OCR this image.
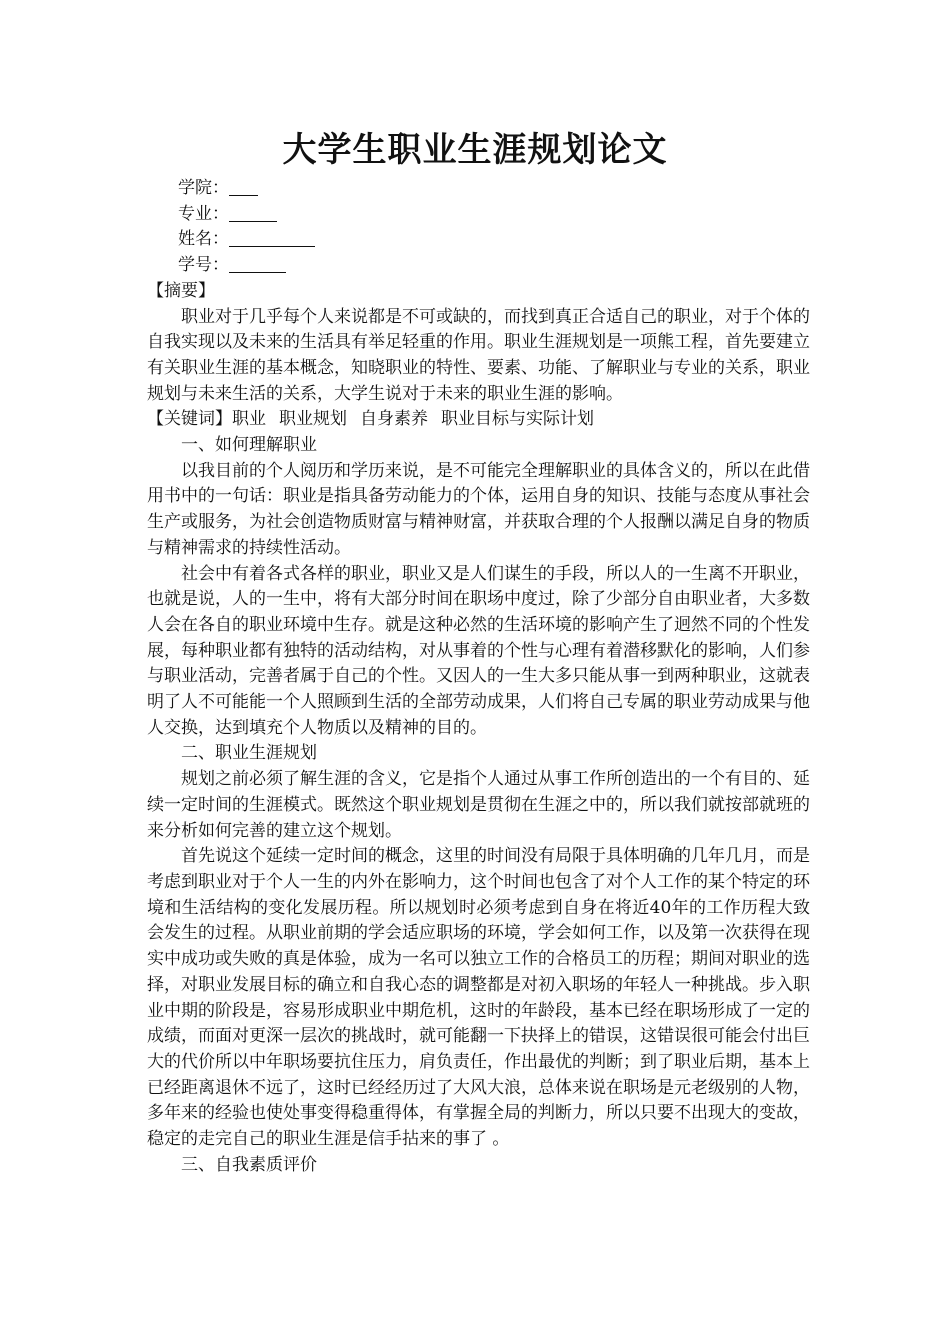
大学生职业生涯规划论文
学院：
专业：
姓名：
学号：
【摘要】
职业对于几乎每个人来说都是不可或缺的，而找到真正合适自己的职业，对于个体的自我实现以及未来的生活具有举足轻重的作用。职业生涯规划是一项熊工程，首先要建立有关职业生涯的基本概念，知晓职业的特性、要素、功能、了解职业与专业的关系，职业规划与未来生活的关系，大学生说对于未来的职业生涯的影响。
【关键词】职业 职业规划 自身素养 职业目标与实际计划
一、如何理解职业
以我目前的个人阅历和学历来说，是不可能完全理解职业的具体含义的，所以在此借用书中的一句话：职业是指具备劳动能力的个体，运用自身的知识、技能与态度从事社会生产或服务，为社会创造物质财富与精神财富，并获取合理的个人报酬以满足自身的物质与精神需求的持续性活动。
社会中有着各式各样的职业，职业又是人们谋生的手段，所以人的一生离不开职业，也就是说，人的一生中，将有大部分时间在职场中度过，除了少部分自由职业者，大多数人会在各自的职业环境中生存。就是这种必然的生活环境的影响产生了迥然不同的个性发展，每种职业都有独特的活动结构，对从事着的个性与心理有着潜移默化的影响，人们参与职业活动，完善者属于自己的个性。又因人的一生大多只能从事一到两种职业，这就表明了人不可能能一个人照顾到生活的全部劳动成果，人们将自己专属的职业劳动成果与他人交换，达到填充个人物质以及精神的目的。
二、职业生涯规划
规划之前必须了解生涯的含义，它是指个人通过从事工作所创造出的一个有目的、延续一定时间的生涯模式。既然这个职业规划是贯彻在生涯之中的，所以我们就按部就班的来分析如何完善的建立这个规划。
首先说这个延续一定时间的概念，这里的时间没有局限于具体明确的几年几月，而是考虑到职业对于个人一生的内外在影响力，这个时间也包含了对个人工作的某个特定的环境和生活结构的变化发展历程。所以规划时必须考虑到自身在将近40年的工作历程大致会发生的过程。从职业前期的学会适应职场的环境，学会如何工作，以及第一次获得在现实中成功或失败的真是体验，成为一名可以独立工作的合格员工的历程；期间对职业的选择，对职业发展目标的确立和自我心态的调整都是对初入职场的年轻人一种挑战。步入职业中期的阶段是，容易形成职业中期危机，这时的年龄段，基本已经在职场形成了一定的成绩，而面对更深一层次的挑战时，就可能翻一下抉择上的错误，这错误很可能会付出巨大的代价所以中年职场要抗住压力，肩负责任，作出最优的判断；到了职业后期，基本上已经距离退休不远了，这时已经经历过了大风大浪，总体来说在职场是元老级别的人物，多年来的经验也使处事变得稳重得体，有掌握全局的判断力，所以只要不出现大的变故，稳定的走完自己的职业生涯是信手拈来的事了 。
三、自我素质评价
